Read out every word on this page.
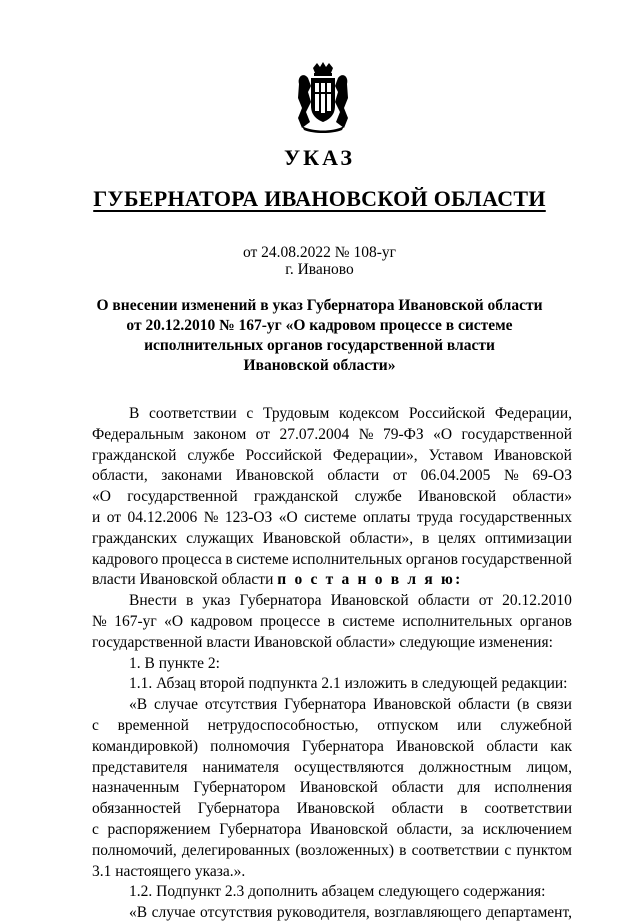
УКАЗ
ГУБЕРНАТОРА ИВАНОВСКОЙ ОБЛАСТИ
от 24.08.2022 № 108-уг
г. Иваново
О внесении изменений в указ Губернатора Ивановской области
от 20.12.2010 № 167-уг «О кадровом процессе в системе
исполнительных органов государственной власти
Ивановской области»
В соответствии с Трудовым кодексом Российской Федерации,
Федеральным законом от 27.07.2004 № 79-ФЗ «О государственной
гражданской службе Российской Федерации», Уставом Ивановской
области, законами Ивановской области от 06.04.2005 № 69-ОЗ
«О государственной гражданской службе Ивановской области»
и от 04.12.2006 № 123-ОЗ «О системе оплаты труда государственных
гражданских служащих Ивановской области», в целях оптимизации
кадрового процесса в системе исполнительных органов государственной
власти Ивановской области п о с т а н о в л я ю:
Внести в указ Губернатора Ивановской области от 20.12.2010
№ 167-уг «О кадровом процессе в системе исполнительных органов
государственной власти Ивановской области» следующие изменения:
1. В пункте 2:
1.1. Абзац второй подпункта 2.1 изложить в следующей редакции:
«В случае отсутствия Губернатора Ивановской области (в связи
с временной нетрудоспособностью, отпуском или служебной
командировкой) полномочия Губернатора Ивановской области как
представителя нанимателя осуществляются должностным лицом,
назначенным Губернатором Ивановской области для исполнения
обязанностей Губернатора Ивановской области в соответствии
с распоряжением Губернатора Ивановской области, за исключением
полномочий, делегированных (возложенных) в соответствии с пунктом
3.1 настоящего указа.».
1.2. Подпункт 2.3 дополнить абзацем следующего содержания:
«В случае отсутствия руководителя, возглавляющего департамент,
